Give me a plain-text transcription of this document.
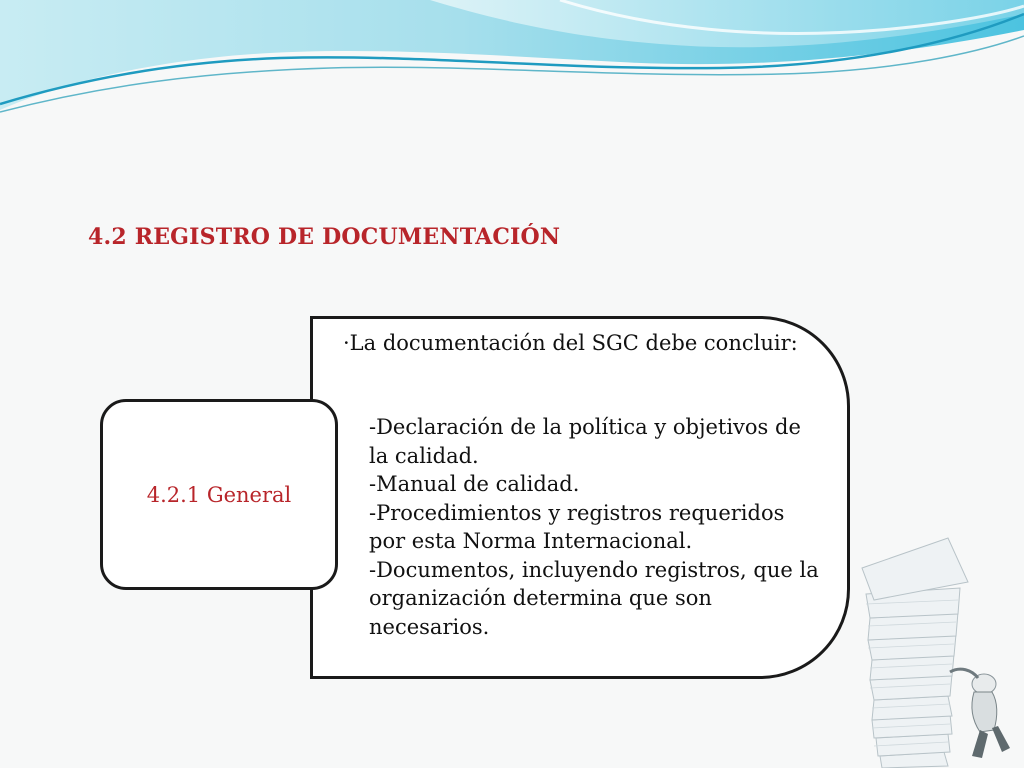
4.2 REGISTRO DE DOCUMENTACIÓN
·La documentación del SGC debe concluir:
-Declaración de la política y objetivos de la calidad.
-Manual de calidad.
-Procedimientos y registros requeridos por esta Norma Internacional.
-Documentos, incluyendo registros, que la organización determina que son necesarios.
4.2.1 General
